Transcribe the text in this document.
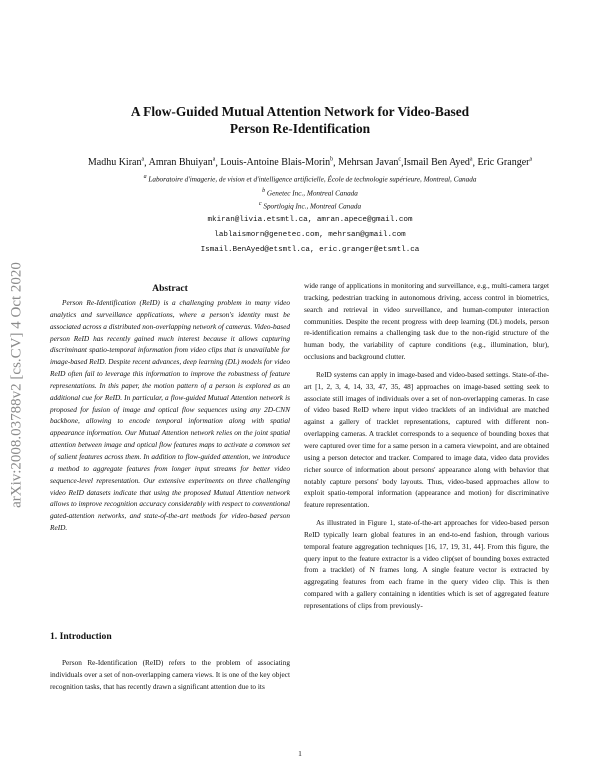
A Flow-Guided Mutual Attention Network for Video-Based
Person Re-Identification
Madhu Kiran$^a$, Amran Bhuiyan$^a$, Louis-Antoine Blais-Morin$^b$, Mehrsan Javan$^c$,Ismail Ben Ayed$^a$, Eric Granger$^a$
$^a$ Laboratoire d'imagerie, de vision et d'intelligence artificielle, École de technologie supérieure, Montreal, Canada
$^b$ Genetec Inc., Montreal Canada
$^c$ Sportlogiq Inc., Montreal Canada
mkiran@livia.etsmtl.ca, amran.apece@gmail.com
lablaismorn@genetec.com, mehrsan@gmail.com
Ismail.BenAyed@etsmtl.ca, eric.granger@etsmtl.ca
arXiv:2008.03788v2 [cs.CV] 4 Oct 2020	Abstract

Person Re-Identification (ReID) is a challenging problem in many video analytics and surveillance applications, where a person's identity must be associated across a distributed non-overlapping network of cameras. Video-based person ReID has recently gained much interest because it allows capturing discriminant spatio-temporal information from video clips that is unavailable for image-based ReID. Despite recent advances, deep learning (DL) models for video ReID often fail to leverage this information to improve the robustness of feature representations. In this paper, the motion pattern of a person is explored as an additional cue for ReID. In particular, a flow-guided Mutual Attention network is proposed for fusion of image and optical flow sequences using any 2D-CNN backbone, allowing to encode temporal information along with spatial appearance information. Our Mutual Attention network relies on the joint spatial attention between image and optical flow features maps to activate a common set of salient features across them. In addition to flow-guided attention, we introduce a method to aggregate features from longer input streams for better video sequence-level representation. Our extensive experiments on three challenging video ReID datasets indicate that using the proposed Mutual Attention network allows to improve recognition accuracy considerably with respect to conventional gated-attention networks, and state-of-the-art methods for video-based person ReID.

1. Introduction

Person Re-Identification (ReID) refers to the problem of associating individuals over a set of non-overlapping camera views. It is one of the key object recognition tasks, that has recently drawn a significant attention due to its

wide range of applications in monitoring and surveillance, e.g., multi-camera target tracking, pedestrian tracking in autonomous driving, access control in biometrics, search and retrieval in video surveillance, and human-computer interaction communities. Despite the recent progress with deep learning (DL) models, person re-identification remains a challenging task due to the non-rigid structure of the human body, the variability of capture conditions (e.g., illumination, blur), occlusions and background clutter.

ReID systems can apply in image-based and video-based settings. State-of-the-art [1, 2, 3, 4, 14, 33, 47, 35, 48] approaches on image-based setting seek to associate still images of individuals over a set of non-overlapping cameras. In case of video based ReID where input video tracklets of an individual are matched against a gallery of tracklet representations, captured with different non-overlapping cameras. A tracklet corresponds to a sequence of bounding boxes that were captured over time for a same person in a camera viewpoint, and are obtained using a person detector and tracker. Compared to image data, video data provides richer source of information about persons' appearance along with behavior that notably capture persons' body layouts. Thus, video-based approaches allow to exploit spatio-temporal information (appearance and motion) for discriminative feature representation.

As illustrated in Figure 1, state-of-the-art approaches for video-based person ReID typically learn global features in an end-to-end fashion, through various temporal feature aggregation techniques [16, 17, 19, 31, 44]. From this figure, the query input to the feature extractor is a video clip(set of bounding boxes extracted from a tracklet) of N frames long. A single feature vector is extracted by aggregating features from each frame in the query video clip. This is then compared with a gallery containing n identities which is set of aggregated feature representations of clips from previously-

1
